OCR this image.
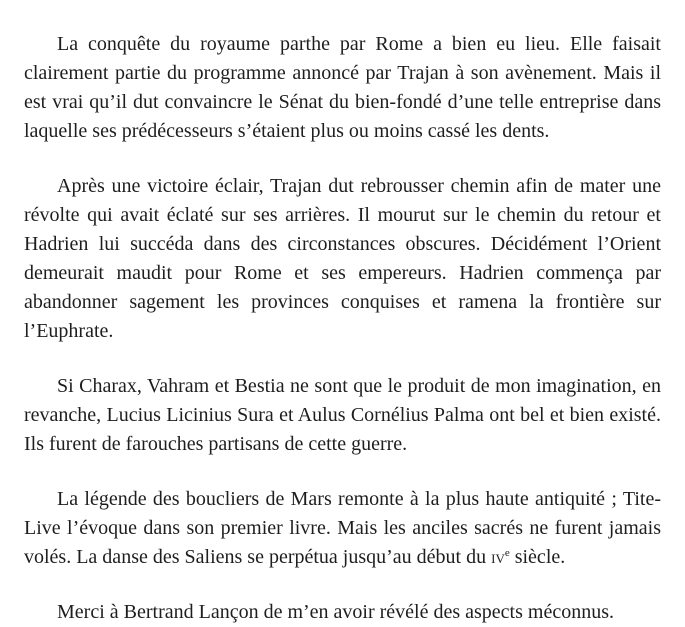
La conquête du royaume parthe par Rome a bien eu lieu. Elle faisait clairement partie du programme annoncé par Trajan à son avènement. Mais il est vrai qu’il dut convaincre le Sénat du bien-fondé d’une telle entreprise dans laquelle ses prédécesseurs s’étaient plus ou moins cassé les dents.

Après une victoire éclair, Trajan dut rebrousser chemin afin de mater une révolte qui avait éclaté sur ses arrières. Il mourut sur le chemin du retour et Hadrien lui succéda dans des circonstances obscures. Décidément l’Orient demeurait maudit pour Rome et ses empereurs. Hadrien commença par abandonner sagement les provinces conquises et ramena la frontière sur l’Euphrate.

Si Charax, Vahram et Bestia ne sont que le produit de mon imagination, en revanche, Lucius Licinius Sura et Aulus Cornélius Palma ont bel et bien existé. Ils furent de farouches partisans de cette guerre.

La légende des boucliers de Mars remonte à la plus haute antiquité ; Tite-Live l’évoque dans son premier livre. Mais les anciles sacrés ne furent jamais volés. La danse des Saliens se perpétua jusqu’au début du $iv^e$ siècle.

Merci à Bertrand Lançon de m’en avoir révélé des aspects méconnus.
